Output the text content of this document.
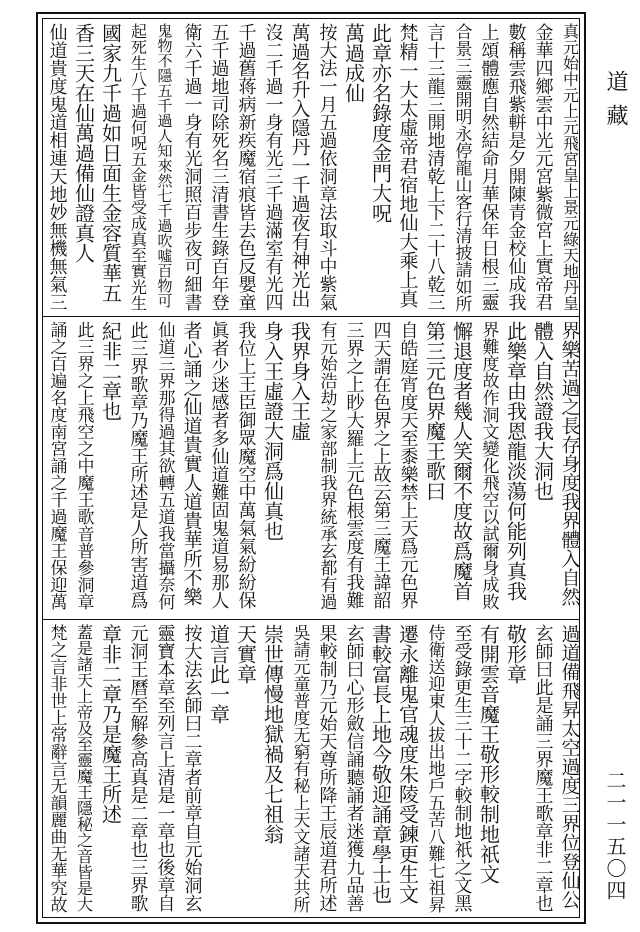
真元始中元上元飛宮皇上景元綠天地丹皇
金華四鄉雲中光元宮紫微宮上實帝君
數稱雲飛紫軿是夕開陳青金校仙成我
上頌體應自然結命月華保年日根三靈
合景三靈開明永停龍山客行清披請如所
言十三龍三開地清乾上下二十八乾三
梵精一大太虛帝君宿地仙大乘上真
此章亦名錄度金門大呪
萬過成仙
按大法一月五過依洞章法取斗中紫氣
萬過名升入隱丹一千過夜有神光出
沒二千過一身有光三千過滿室有光四
千過舊蒋病新疾魔宿痕皆去色反嬰童
五千過地司除死名三清書生錄百年登
衛六千過一身有光洞照百步夜可細書
鬼物不隱五千過人知來然七千過吹噓百物可
起死生八千過何呪五金皆受成真至實光生
國家九千過如日面生金容質華五
香三天在仙萬過備仙證真人
仙道貴度鬼道相連天地妙無機無氣三
界樂苦過之長存身度我界體入自然
體入自然證我大洞也
此樂章由我恩龍淡蕩何能列真我
界難度故作洞文變化飛空以試爾身成敗
懈退度者幾人笑爾不度故爲魔首
第三元色界魔王歌曰
自皓庭宵度天至黍樂禁上天爲元色界
四天謂在色界之上故云第三魔王諱韶
三界之上眇大羅上元色根雲度有我難
有元始浩劫之家部制我界統承玄都有過
我界身入王虛
身入王虛證大洞爲仙真也
我位上王臣御眾魔空中萬氣氣紛紛保
眞者少迷感者多仙道難固鬼道易那人
者心誦之仙道貴實人道貴華所不樂
仙道三界那得過其欲轉五道我當攝奈何
此三界歌章乃魔王所述是人所害道爲
紀非二章也
此三界之上飛空之中魔王歌音普參洞章
誦之百遍名度南宮誦之千過魔王保迎萬
過道備飛昇太空過度三界位登仙公
玄師曰此是誦三界魔王歌章非二章也
敬形章
有開雲音魔王敬形較制地祇文
至受錄更生三十二字較制地祇之文黑
侍衛送迎東人拔出地戶五苦八難七祖昇
遷永離鬼官魂度朱陵受鍊更生文
書較富長上地今敬迎誦章學士也
玄師曰心形斂信誦聽誦者迷獲九品善
果較制乃元始天尊所降王辰道君所述
吳請元童普度无窮有秘上天文諸天共所
崇世傳慢地獄禍及七祖翁
天實章
道言此一章
按大法玄師曰二章者前章自元始洞玄
靈寶本章至列言上清是一章也後章自
元洞王曆至解參高真是二章也三界歌
章非二章乃是魔王所述
蓋是諸天上帝及至靈魔王隱秘之音皆是大
梵之言非世上常辭言无韻麗曲无華究故
道藏
二一一五〇四
